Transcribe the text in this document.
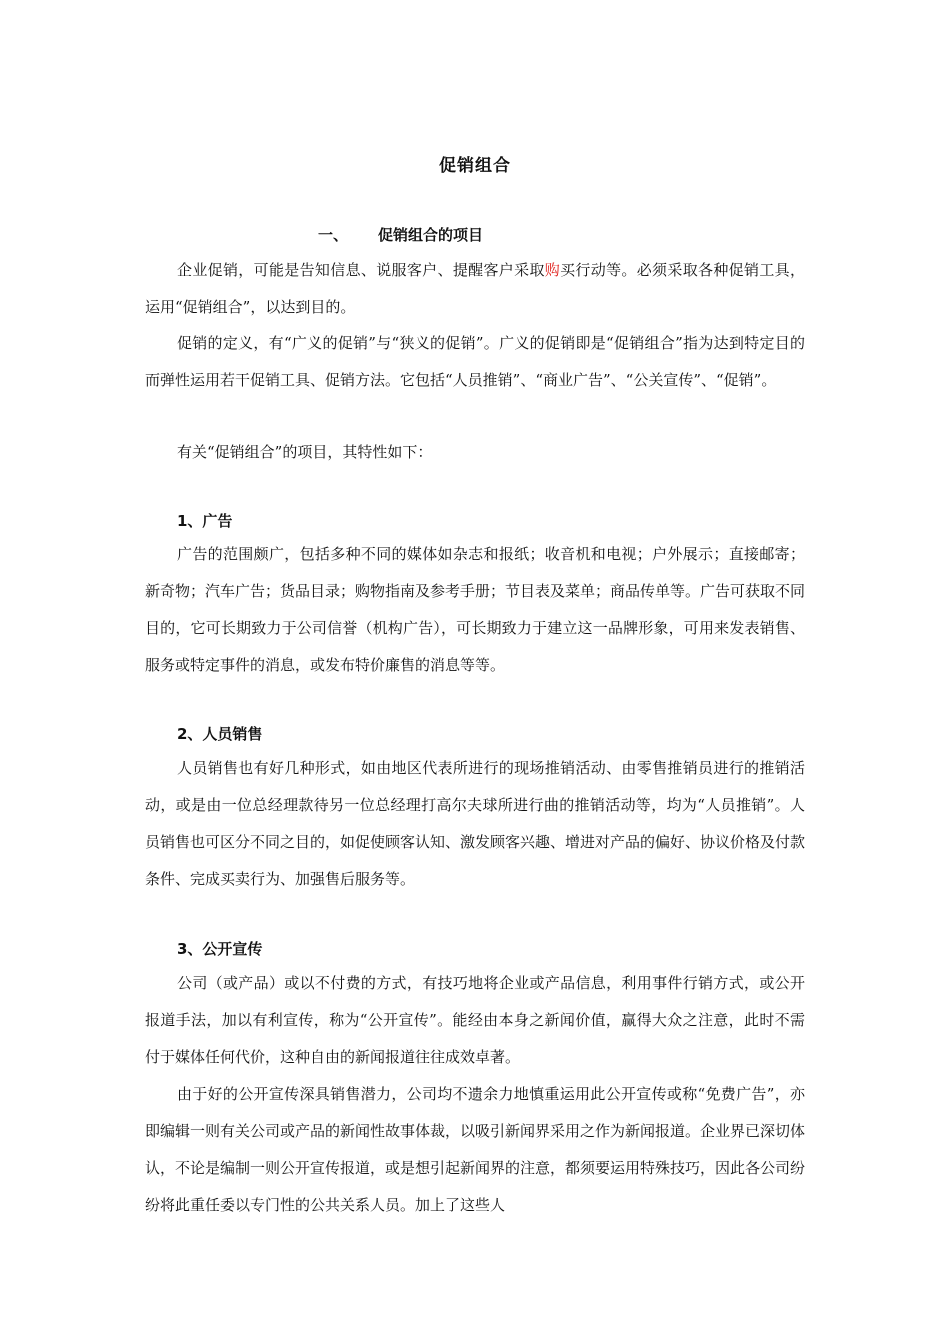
促销组合
一、 促销组合的项目
企业促销，可能是告知信息、说服客户、提醒客户采取购买行动等。必须采取各种促销工具，运用“促销组合”，以达到目的。
促销的定义，有“广义的促销”与“狭义的促销”。广义的促销即是“促销组合”指为达到特定目的而弹性运用若干促销工具、促销方法。它包括“人员推销”、“商业广告”、“公关宣传”、“促销”。
有关“促销组合”的项目，其特性如下：
1、广告
广告的范围颇广，包括多种不同的媒体如杂志和报纸；收音机和电视；户外展示；直接邮寄；新奇物；汽车广告；货品目录；购物指南及参考手册；节目表及菜单；商品传单等。广告可获取不同目的，它可长期致力于公司信誉（机构广告），可长期致力于建立这一品牌形象，可用来发表销售、服务或特定事件的消息，或发布特价廉售的消息等等。
2、人员销售
人员销售也有好几种形式，如由地区代表所进行的现场推销活动、由零售推销员进行的推销活动，或是由一位总经理款待另一位总经理打高尔夫球所进行曲的推销活动等，均为“人员推销”。人员销售也可区分不同之目的，如促使顾客认知、激发顾客兴趣、增进对产品的偏好、协议价格及付款条件、完成买卖行为、加强售后服务等。
3、公开宣传
公司（或产品）或以不付费的方式，有技巧地将企业或产品信息，利用事件行销方式，或公开报道手法，加以有利宣传，称为“公开宣传”。能经由本身之新闻价值，赢得大众之注意，此时不需付于媒体任何代价，这种自由的新闻报道往往成效卓著。
由于好的公开宣传深具销售潜力，公司均不遗余力地慎重运用此公开宣传或称“免费广告”，亦即编辑一则有关公司或产品的新闻性故事体裁，以吸引新闻界采用之作为新闻报道。企业界已深切体认，不论是编制一则公开宣传报道，或是想引起新闻界的注意，都须要运用特殊技巧，因此各公司纷纷将此重任委以专门性的公共关系人员。加上了这些人
